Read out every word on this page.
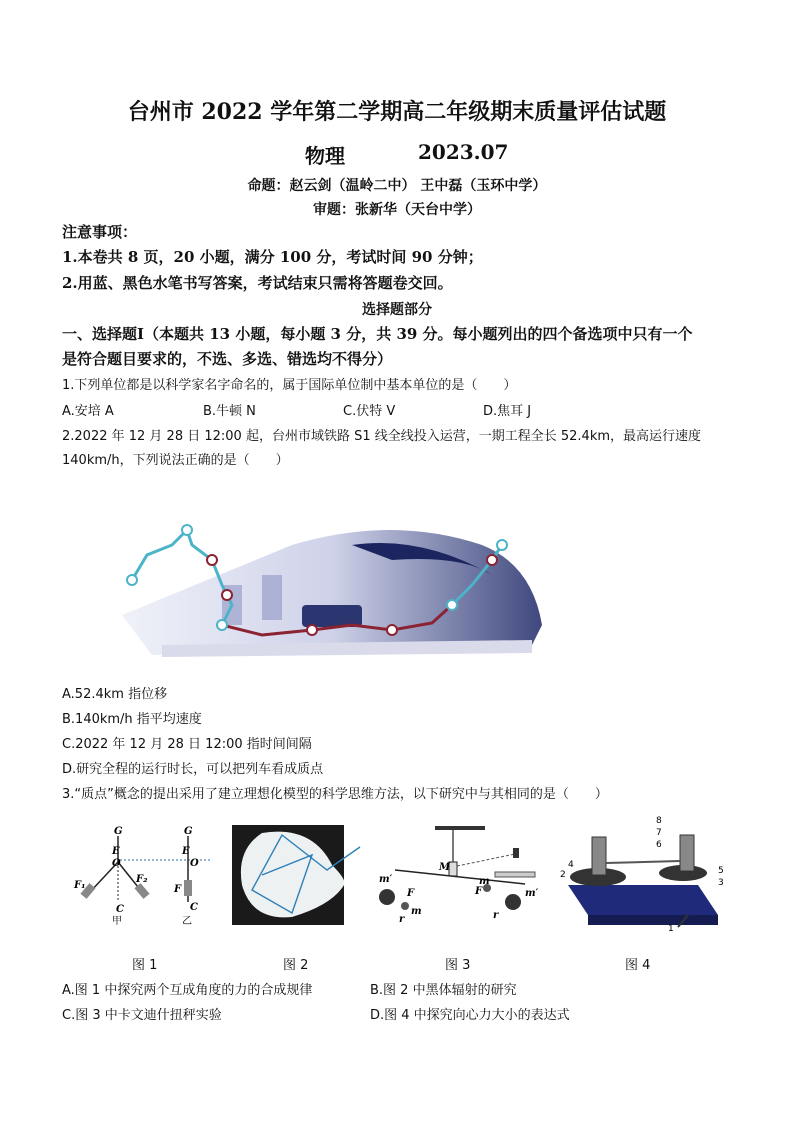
台州市 2022 学年第二学期高二年级期末质量评估试题
物理	2023.07
命题：赵云剑（温岭二中） 王中磊（玉环中学）
审题：张新华（天台中学）
注意事项：
1.本卷共 8 页，20 小题，满分 100 分，考试时间 90 分钟；
2.用蓝、黑色水笔书写答案，考试结束只需将答题卷交回。
选择题部分
一、选择题Ⅰ（本题共 13 小题，每小题 3 分，共 39 分。每小题列出的四个备选项中只有一个
是符合题目要求的，不选、多选、错选均不得分）
1.下列单位都是以科学家名字命名的，属于国际单位制中基本单位的是（　　）
A.安培 A	B.牛顿 N	C.伏特 V	D.焦耳 J
2.2022 年 12 月 28 日 12:00 起，台州市域铁路 S1 线全线投入运营，一期工程全长 52.4km，最高运行速度
140km/h，下列说法正确的是（　　）
A.52.4km 指位移
B.140km/h 指平均速度
C.2022 年 12 月 28 日 12:00 指时间间隔
D.研究全程的运行时长，可以把列车看成质点
3.“质点”概念的提出采用了建立理想化模型的科学思维方法，以下研究中与其相同的是（　　）
G
E
O
F₁
F₂
C
甲
G
E
O
F
C
乙
M
m′
F
m
r
F
m
r
m′
8
7
6
4
2	5
3
1
图 1	图 2	图 3	图 4
A.图 1 中探究两个互成角度的力的合成规律	B.图 2 中黑体辐射的研究
C.图 3 中卡文迪什扭秤实验	D.图 4 中探究向心力大小的表达式
